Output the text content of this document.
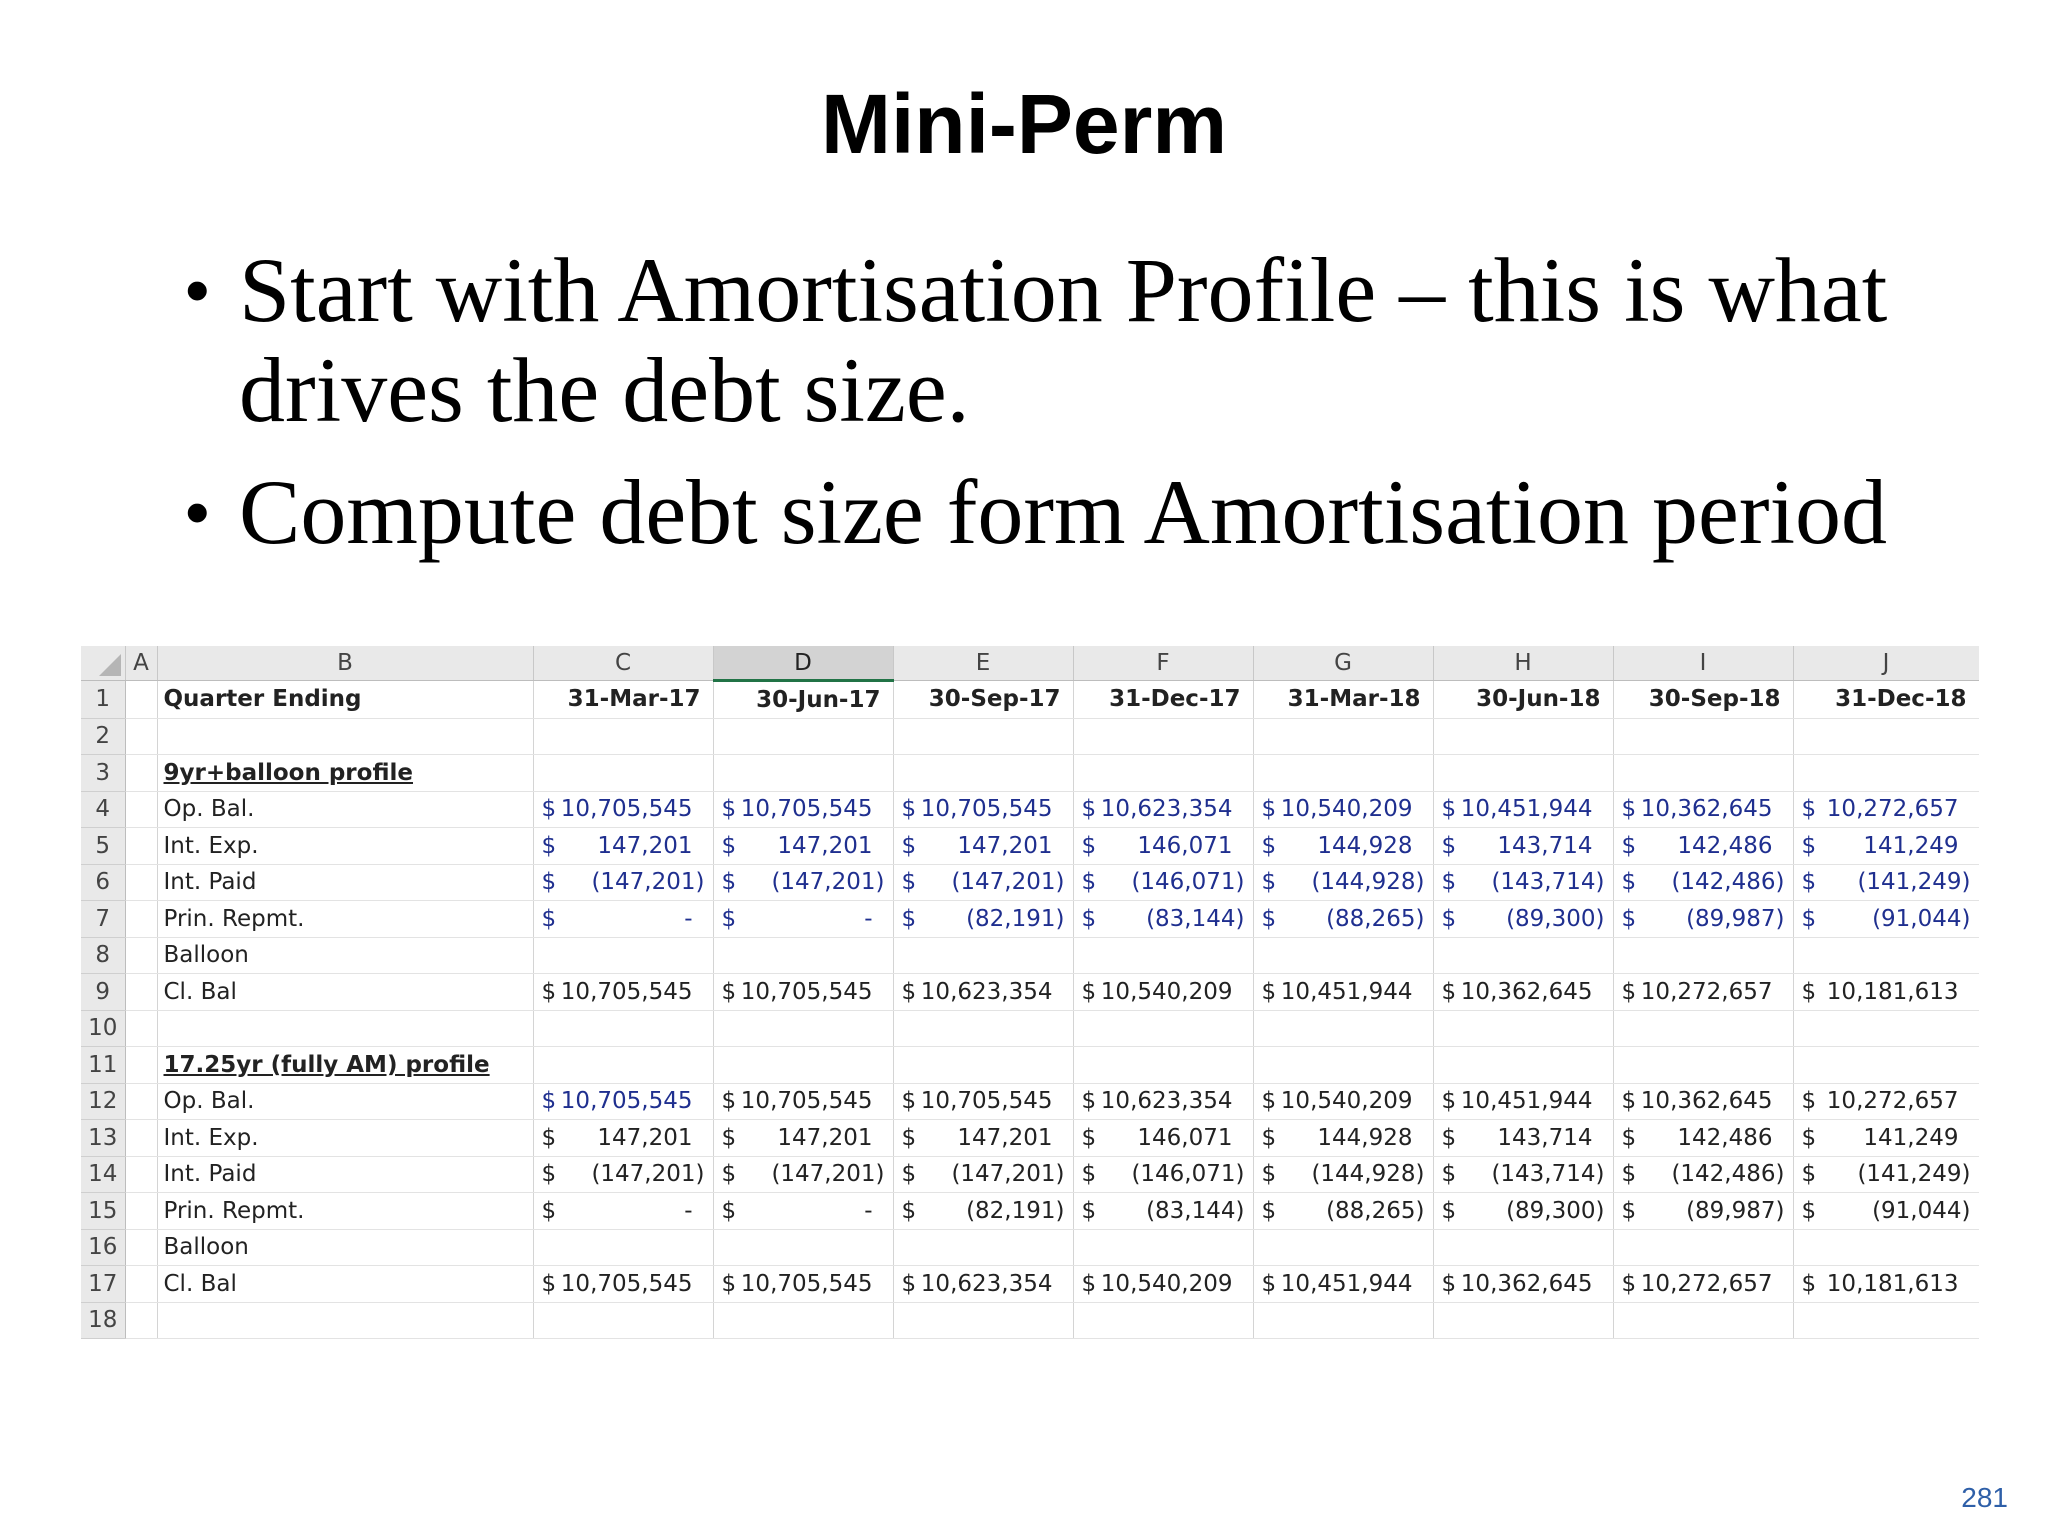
Mini-Perm
• Start with Amortisation Profile – this is what drives the debt size.
• Compute debt size form Amortisation period
	A	B	C	D	E	F	G	H	I	J
1		Quarter Ending	31-Mar-17	30-Jun-17	30-Sep-17	31-Dec-17	31-Mar-18	30-Jun-18	30-Sep-18	31-Dec-18
2										
3		9yr+balloon profile								
4		Op. Bal.	$ 10,705,545	$ 10,705,545	$ 10,705,545	$ 10,623,354	$ 10,540,209	$ 10,451,944	$ 10,362,645	$ 10,272,657
5		Int. Exp.	$ 147,201	$ 147,201	$ 147,201	$ 146,071	$ 144,928	$ 143,714	$ 142,486	$ 141,249
6		Int. Paid	$ (147,201)	$ (147,201)	$ (147,201)	$ (146,071)	$ (144,928)	$ (143,714)	$ (142,486)	$ (141,249)
7		Prin. Repmt.	$ -	$ -	$ (82,191)	$ (83,144)	$ (88,265)	$ (89,300)	$ (89,987)	$ (91,044)
8		Balloon								
9		Cl. Bal	$ 10,705,545	$ 10,705,545	$ 10,623,354	$ 10,540,209	$ 10,451,944	$ 10,362,645	$ 10,272,657	$ 10,181,613
10										
11		17.25yr (fully AM) profile								
12		Op. Bal.	$ 10,705,545	$ 10,705,545	$ 10,705,545	$ 10,623,354	$ 10,540,209	$ 10,451,944	$ 10,362,645	$ 10,272,657
13		Int. Exp.	$ 147,201	$ 147,201	$ 147,201	$ 146,071	$ 144,928	$ 143,714	$ 142,486	$ 141,249
14		Int. Paid	$ (147,201)	$ (147,201)	$ (147,201)	$ (146,071)	$ (144,928)	$ (143,714)	$ (142,486)	$ (141,249)
15		Prin. Repmt.	$ -	$ -	$ (82,191)	$ (83,144)	$ (88,265)	$ (89,300)	$ (89,987)	$ (91,044)
16		Balloon								
17		Cl. Bal	$ 10,705,545	$ 10,705,545	$ 10,623,354	$ 10,540,209	$ 10,451,944	$ 10,362,645	$ 10,272,657	$ 10,181,613
18										
281
